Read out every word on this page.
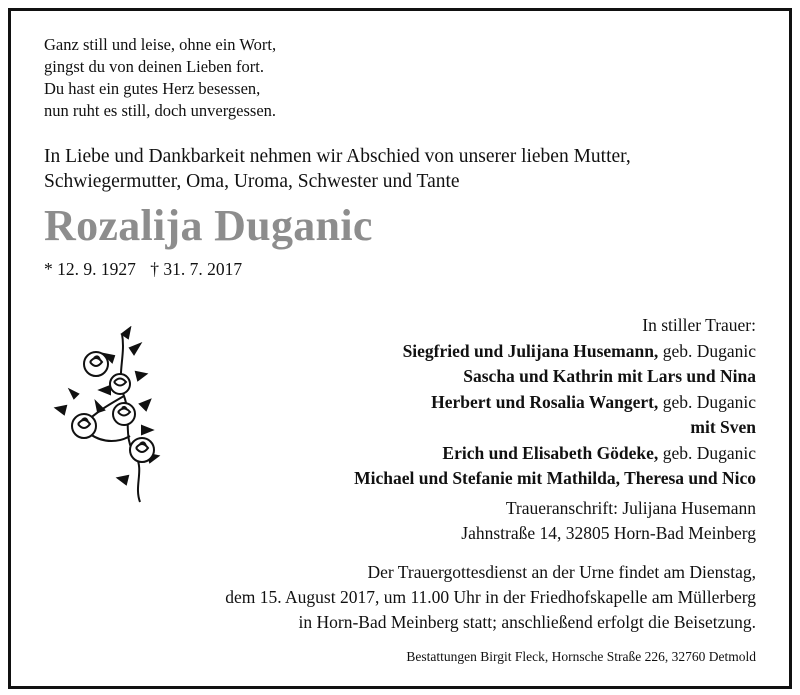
Ganz still und leise, ohne ein Wort,
gingst du von deinen Lieben fort.
Du hast ein gutes Herz besessen,
nun ruht es still, doch unvergessen.
In Liebe und Dankbarkeit nehmen wir Abschied von unserer lieben Mutter,
Schwiegermutter, Oma, Uroma, Schwester und Tante
Rozalija Duganic
* 12. 9. 1927 † 31. 7. 2017
In stiller Trauer:
Siegfried und Julijana Husemann, geb. Duganic
Sascha und Kathrin mit Lars und Nina
Herbert und Rosalia Wangert, geb. Duganic
mit Sven
Erich und Elisabeth Gödeke, geb. Duganic
Michael und Stefanie mit Mathilda, Theresa und Nico
Traueranschrift: Julijana Husemann
Jahnstraße 14, 32805 Horn-Bad Meinberg
Der Trauergottesdienst an der Urne findet am Dienstag,
dem 15. August 2017, um 11.00 Uhr in der Friedhofskapelle am Müllerberg
in Horn-Bad Meinberg statt; anschließend erfolgt die Beisetzung.
Bestattungen Birgit Fleck, Hornsche Straße 226, 32760 Detmold
